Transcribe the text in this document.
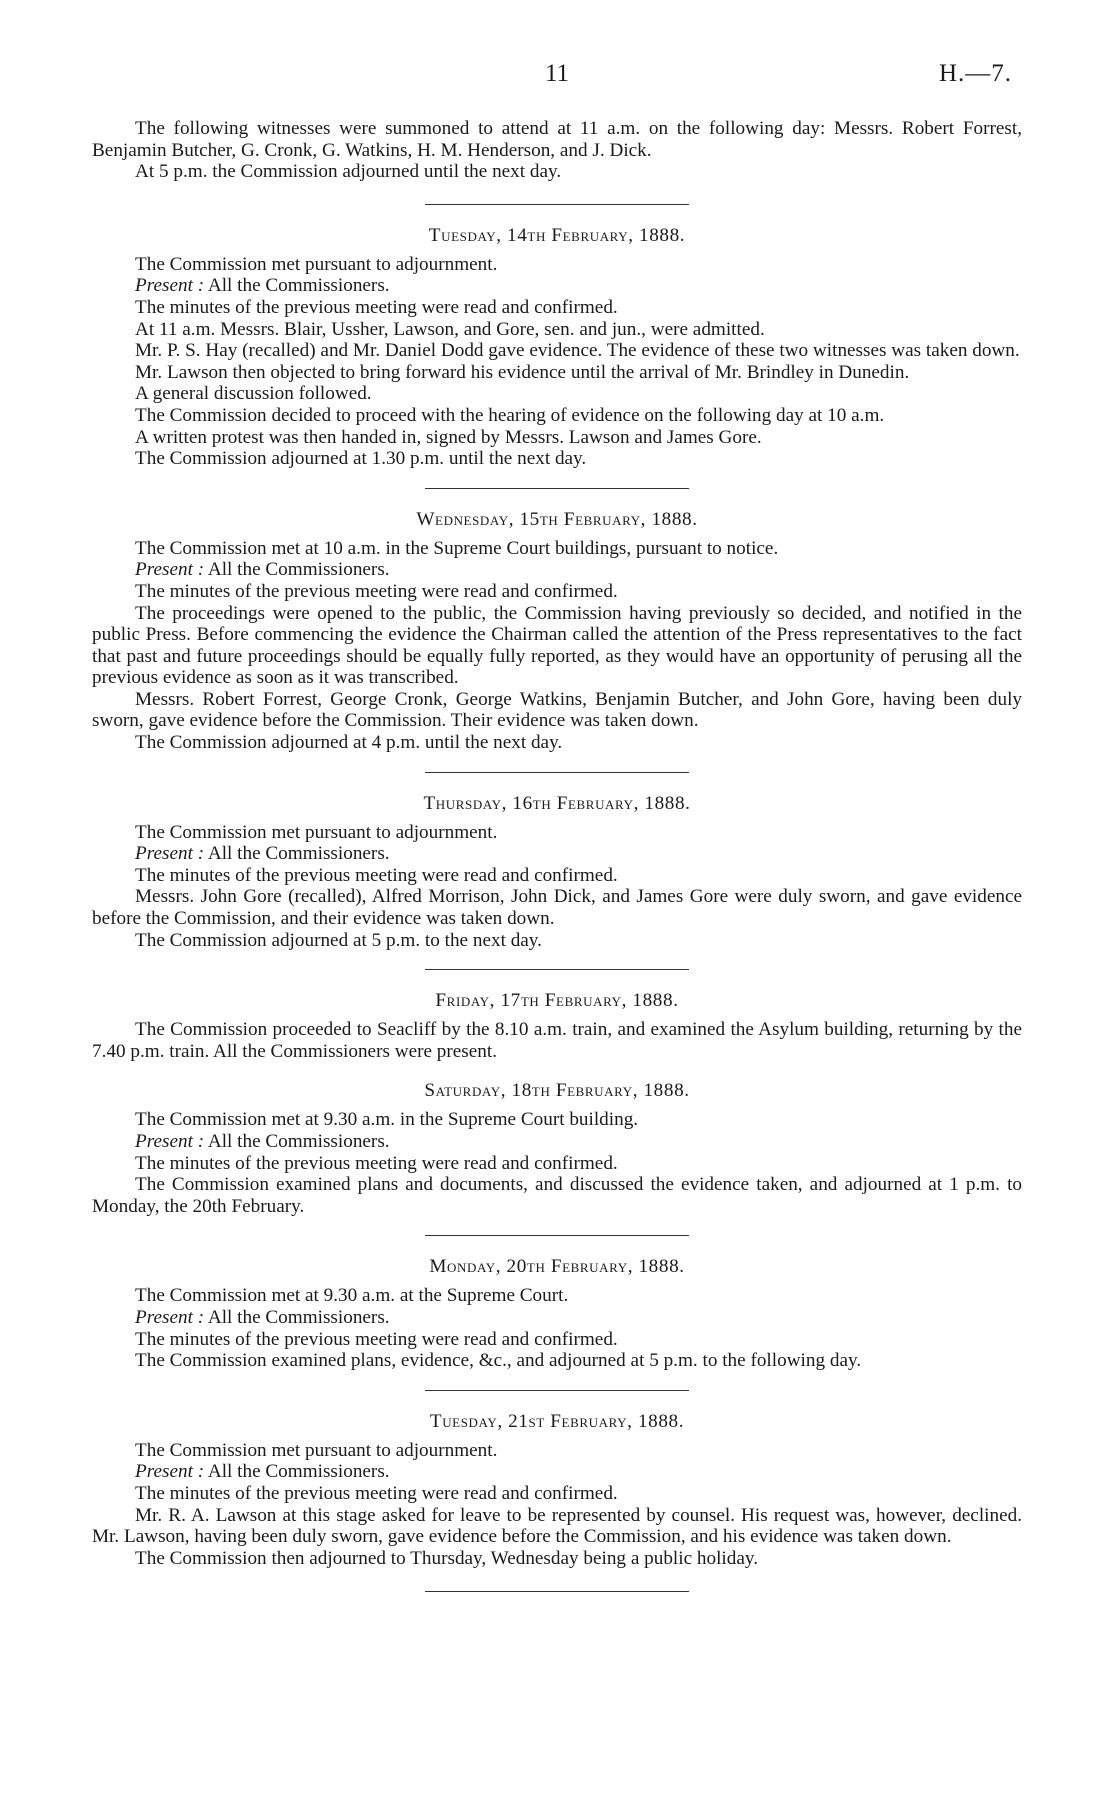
11	H.—7.

The following witnesses were summoned to attend at 11 a.m. on the following day: Messrs. Robert Forrest, Benjamin Butcher, G. Cronk, G. Watkins, H. M. Henderson, and J. Dick.

At 5 p.m. the Commission adjourned until the next day.

Tuesday, 14th February, 1888.

The Commission met pursuant to adjournment.

Present : All the Commissioners.

The minutes of the previous meeting were read and confirmed.

At 11 a.m. Messrs. Blair, Ussher, Lawson, and Gore, sen. and jun., were admitted.

Mr. P. S. Hay (recalled) and Mr. Daniel Dodd gave evidence. The evidence of these two witnesses was taken down.

Mr. Lawson then objected to bring forward his evidence until the arrival of Mr. Brindley in Dunedin.

A general discussion followed.

The Commission decided to proceed with the hearing of evidence on the following day at 10 a.m.

A written protest was then handed in, signed by Messrs. Lawson and James Gore.

The Commission adjourned at 1.30 p.m. until the next day.

Wednesday, 15th February, 1888.

The Commission met at 10 a.m. in the Supreme Court buildings, pursuant to notice.

Present : All the Commissioners.

The minutes of the previous meeting were read and confirmed.

The proceedings were opened to the public, the Commission having previously so decided, and notified in the public Press. Before commencing the evidence the Chairman called the attention of the Press representatives to the fact that past and future proceedings should be equally fully reported, as they would have an opportunity of perusing all the previous evidence as soon as it was transcribed.

Messrs. Robert Forrest, George Cronk, George Watkins, Benjamin Butcher, and John Gore, having been duly sworn, gave evidence before the Commission. Their evidence was taken down.

The Commission adjourned at 4 p.m. until the next day.

Thursday, 16th February, 1888.

The Commission met pursuant to adjournment.

Present : All the Commissioners.

The minutes of the previous meeting were read and confirmed.

Messrs. John Gore (recalled), Alfred Morrison, John Dick, and James Gore were duly sworn, and gave evidence before the Commission, and their evidence was taken down.

The Commission adjourned at 5 p.m. to the next day.

Friday, 17th February, 1888.

The Commission proceeded to Seacliff by the 8.10 a.m. train, and examined the Asylum building, returning by the 7.40 p.m. train. All the Commissioners were present.

Saturday, 18th February, 1888.

The Commission met at 9.30 a.m. in the Supreme Court building.

Present : All the Commissioners.

The minutes of the previous meeting were read and confirmed.

The Commission examined plans and documents, and discussed the evidence taken, and adjourned at 1 p.m. to Monday, the 20th February.

Monday, 20th February, 1888.

The Commission met at 9.30 a.m. at the Supreme Court.

Present : All the Commissioners.

The minutes of the previous meeting were read and confirmed.

The Commission examined plans, evidence, &c., and adjourned at 5 p.m. to the following day.

Tuesday, 21st February, 1888.

The Commission met pursuant to adjournment.

Present : All the Commissioners.

The minutes of the previous meeting were read and confirmed.

Mr. R. A. Lawson at this stage asked for leave to be represented by counsel. His request was, however, declined. Mr. Lawson, having been duly sworn, gave evidence before the Commission, and his evidence was taken down.

The Commission then adjourned to Thursday, Wednesday being a public holiday.
